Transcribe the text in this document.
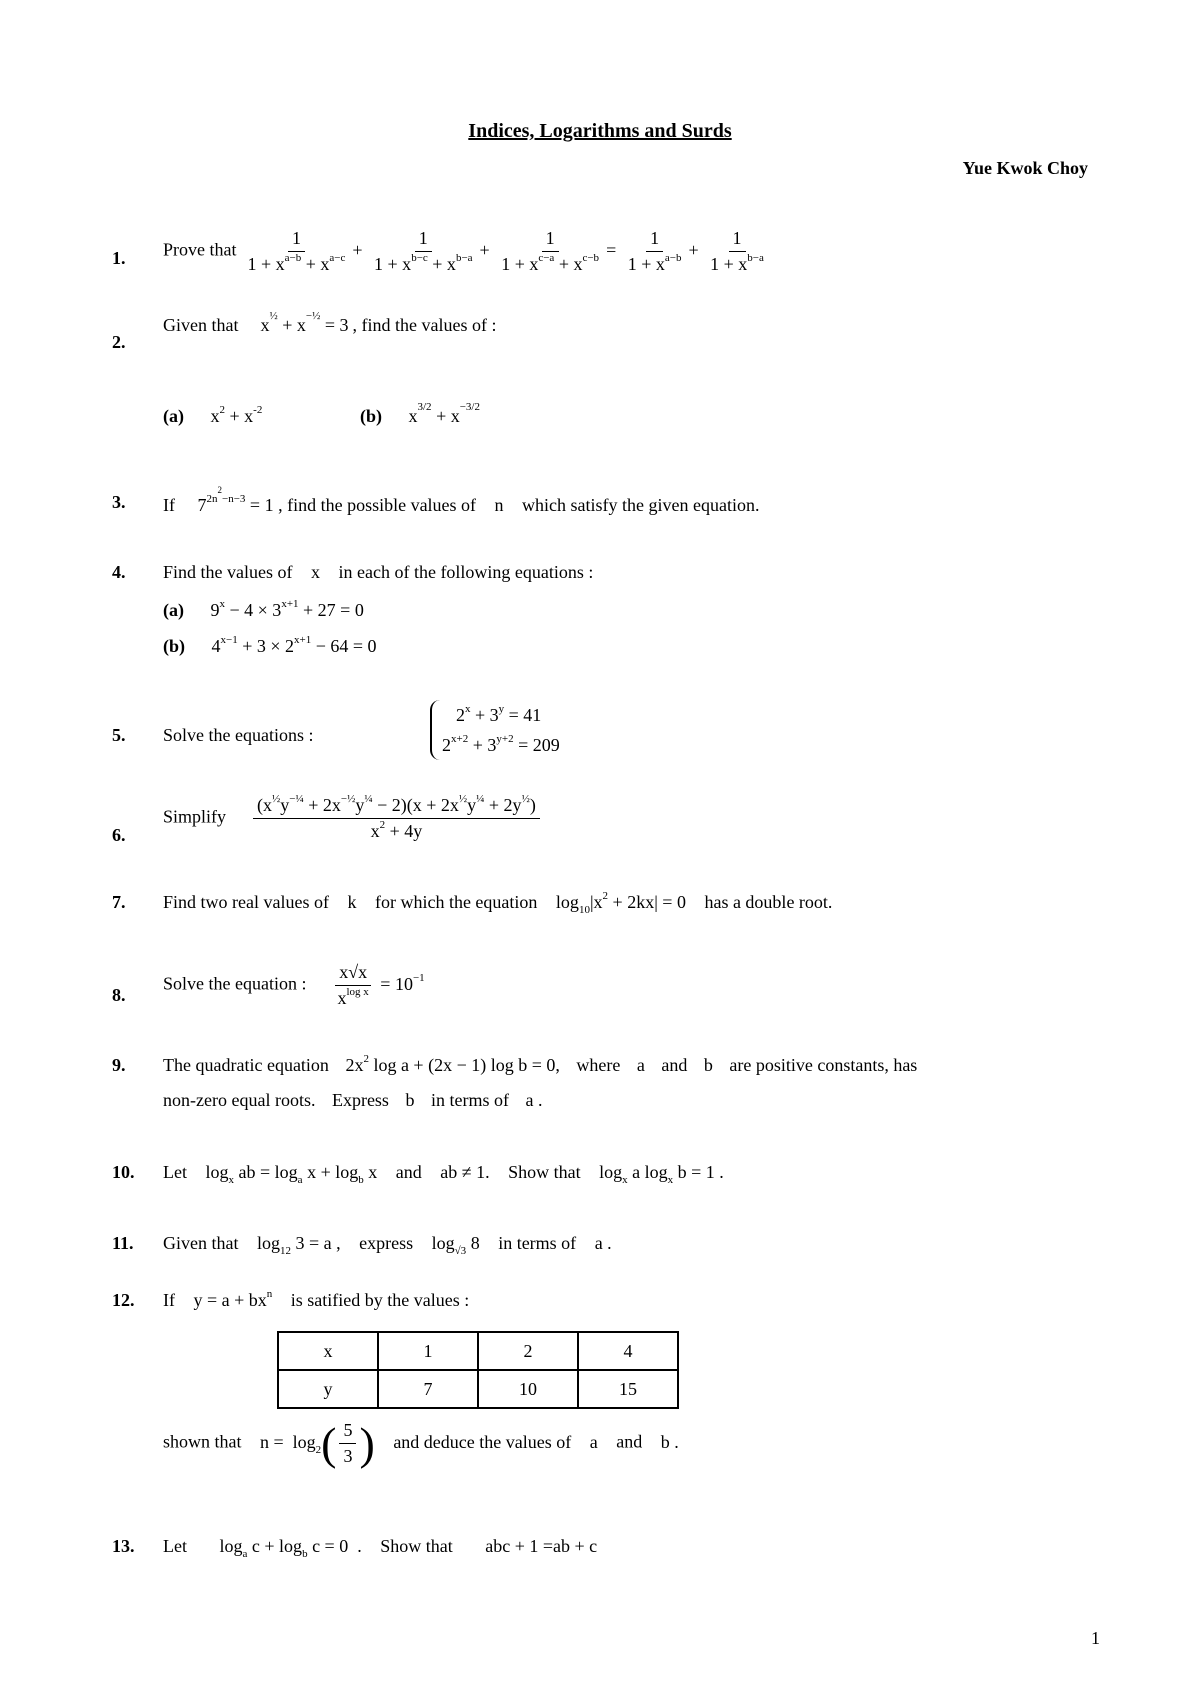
Indices, Logarithms and Surds
Yue Kwok Choy
1. Prove that $\frac{1}{1 + x^{a-b} + x^{a-c}} + \frac{1}{1 + x^{b-c} + x^{b-a}} + \frac{1}{1 + x^{c-a} + x^{c-b}} = \frac{1}{1 + x^{a-b}} + \frac{1}{1 + x^{b-a}}$
2.
Given that $x^{\frac{1}{2}} + x^{-\frac{1}{2}} = 3$ , find the values of :
(a) $x^2 + x^{-2}$	(b) $x^{3/2} + x^{-3/2}$
3. If $7^{2n^2-n-3} = 1$ , find the possible values of n which satisfy the given equation.
4. Find the values of x in each of the following equations :
(a) $9^x - 4 \times 3^{x+1} + 27 = 0$
(b) $4^{x-1} + 3 \times 2^{x+1} - 64 = 0$
5. Solve the equations :
$2^x + 3^y = 41$
$2^{x+2} + 3^{y+2} = 209$
6.
Simplify $\frac{(x^{\frac{1}{2}}y^{-\frac{1}{4}} + 2x^{-\frac{1}{2}}y^{\frac{1}{4}} - 2)(x + 2x^{\frac{1}{2}}y^{\frac{1}{4}} + 2y^{\frac{1}{2}})}{x^2 + 4y}$
7. Find two real values of k for which the equation $\log_{10}|x^2 + 2kx| = 0$ has a double root.
8.
Solve the equation : $\frac{x√x}{x^{log x}} = 10^{-1}$
9. The quadratic equation $2x^2$ log a + (2x − 1) log b = 0, where a and b are positive constants, has
non-zero equal roots. Express b in terms of a .
10. Let $\log_x$ ab = $\log_a x + \log_b x$ and ab ≠ 1. Show that $\log_x a$ $\log_x b = 1$ .
11. Given that $\log_{12} 3 = a$ , express $\log_{√3} 8$ in terms of a .
12. If $y = a + bx^n$ is satified by the values :
x	1	2	4
y	7	10	15
shown that $n = \log_2( \frac{5}{3}$ ) and deduce the values of a and b .
13. Let $\log_a c + \log_b c = 0$  . Show that abc + 1 =ab + c
1
